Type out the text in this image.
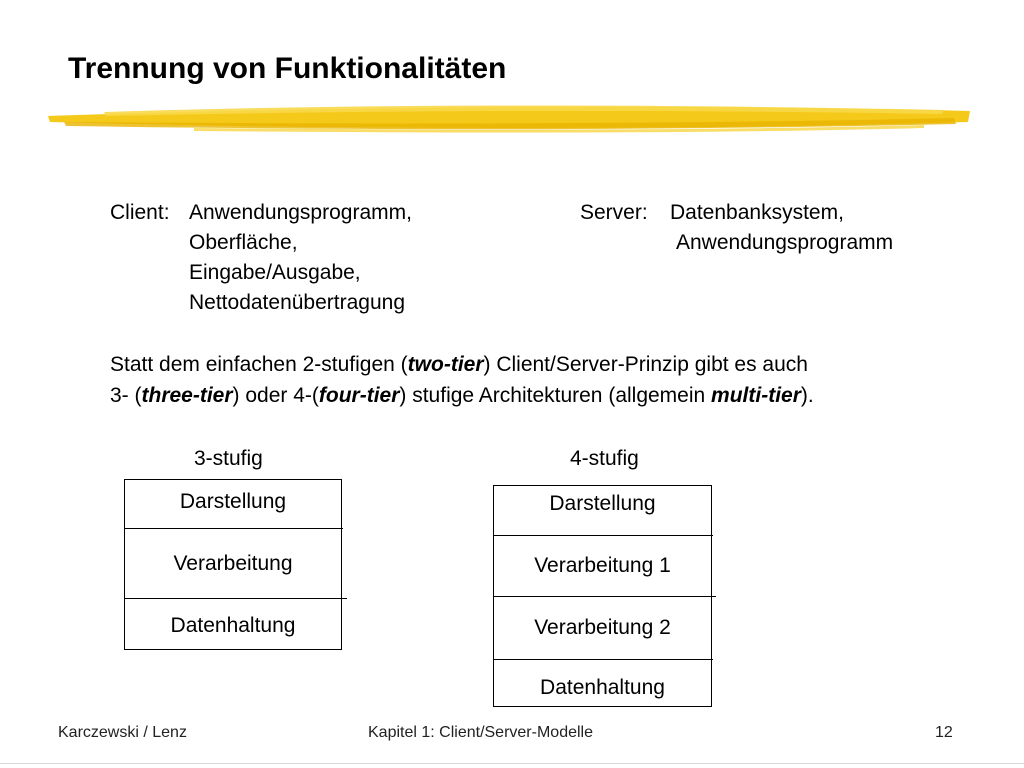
Trennung von Funktionalitäten
Client: Anwendungsprogramm,
Oberfläche,
Eingabe/Ausgabe,
Nettodatenübertragung
Server: Datenbanksystem,
Anwendungsprogramm
Statt dem einfachen 2-stufigen (two-tier) Client/Server-Prinzip gibt es auch
3- (three-tier) oder 4-(four-tier) stufige Architekturen (allgemein multi-tier).
3-stufig
Darstellung
Verarbeitung
Datenhaltung
4-stufig
Darstellung
Verarbeitung 1
Verarbeitung 2
Datenhaltung
Karczewski / Lenz	Kapitel 1: Client/Server-Modelle	12
